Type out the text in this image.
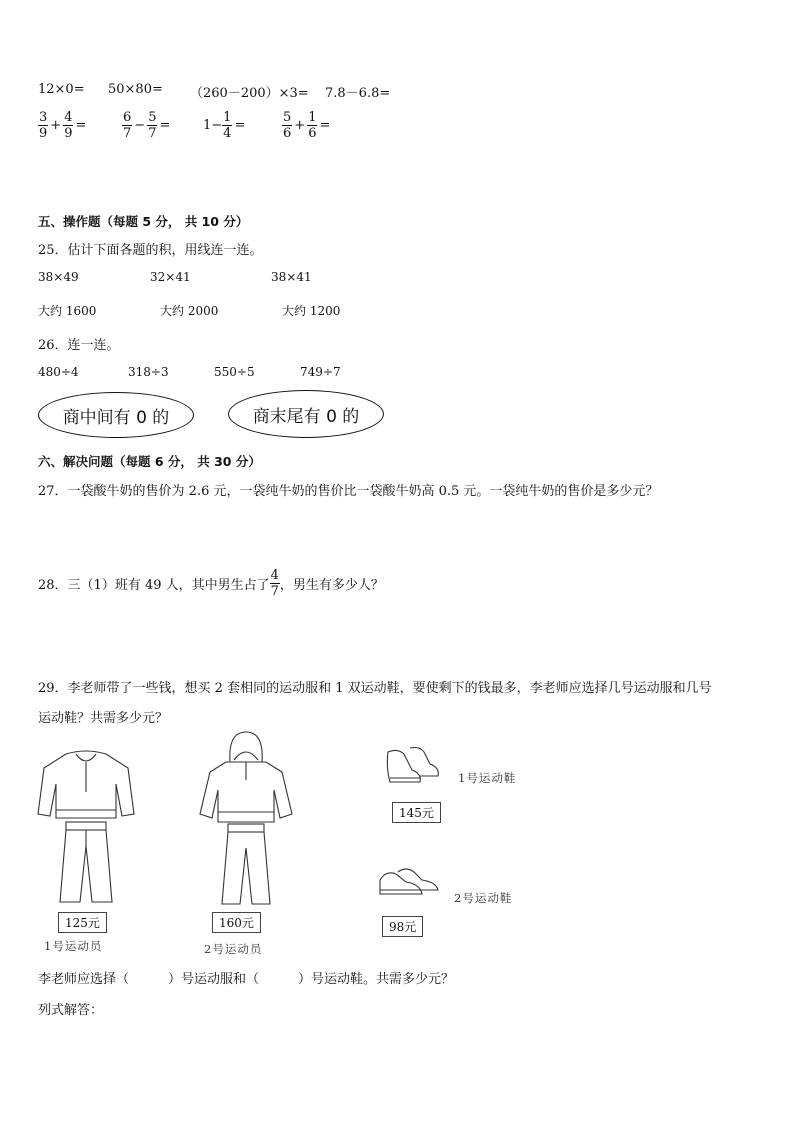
12×0= 50×80= （260－200）×3= 7.8－6.8=
$\frac{3}{9} + \frac{4}{9}$ =	$\frac{6}{7} - \frac{5}{7}$ =	$1- \frac{1}{4}$ =	$\frac{5}{6} + \frac{1}{6}$ =
五、操作题（每题 5 分， 共 10 分）
25．估计下面各题的积，用线连一连。
38×49	32×41	38×41
大约 1600	大约 2000	大约 1200
26．连一连。
480÷4	318÷3	550÷5	749÷7
商中间有 0 的	商末尾有 0 的
六、解决问题（每题 6 分， 共 30 分）
27．一袋酸牛奶的售价为 2.6 元，一袋纯牛奶的售价比一袋酸牛奶高 0.5 元。一袋纯牛奶的售价是多少元？
28．三（1）班有 49 人，其中男生占了 $\frac{4}{7}$ ，男生有多少人？
29．李老师带了一些钱，想买 2 套相同的运动服和 1 双运动鞋，要使剩下的钱最多，李老师应选择几号运动服和几号
运动鞋？共需多少元？
125元
1号运动员
160元
2号运动员
145元
1号运动鞋
98元
2号运动鞋
李老师应选择（　　　）号运动服和（　　　）号运动鞋。共需多少元？
列式解答：
